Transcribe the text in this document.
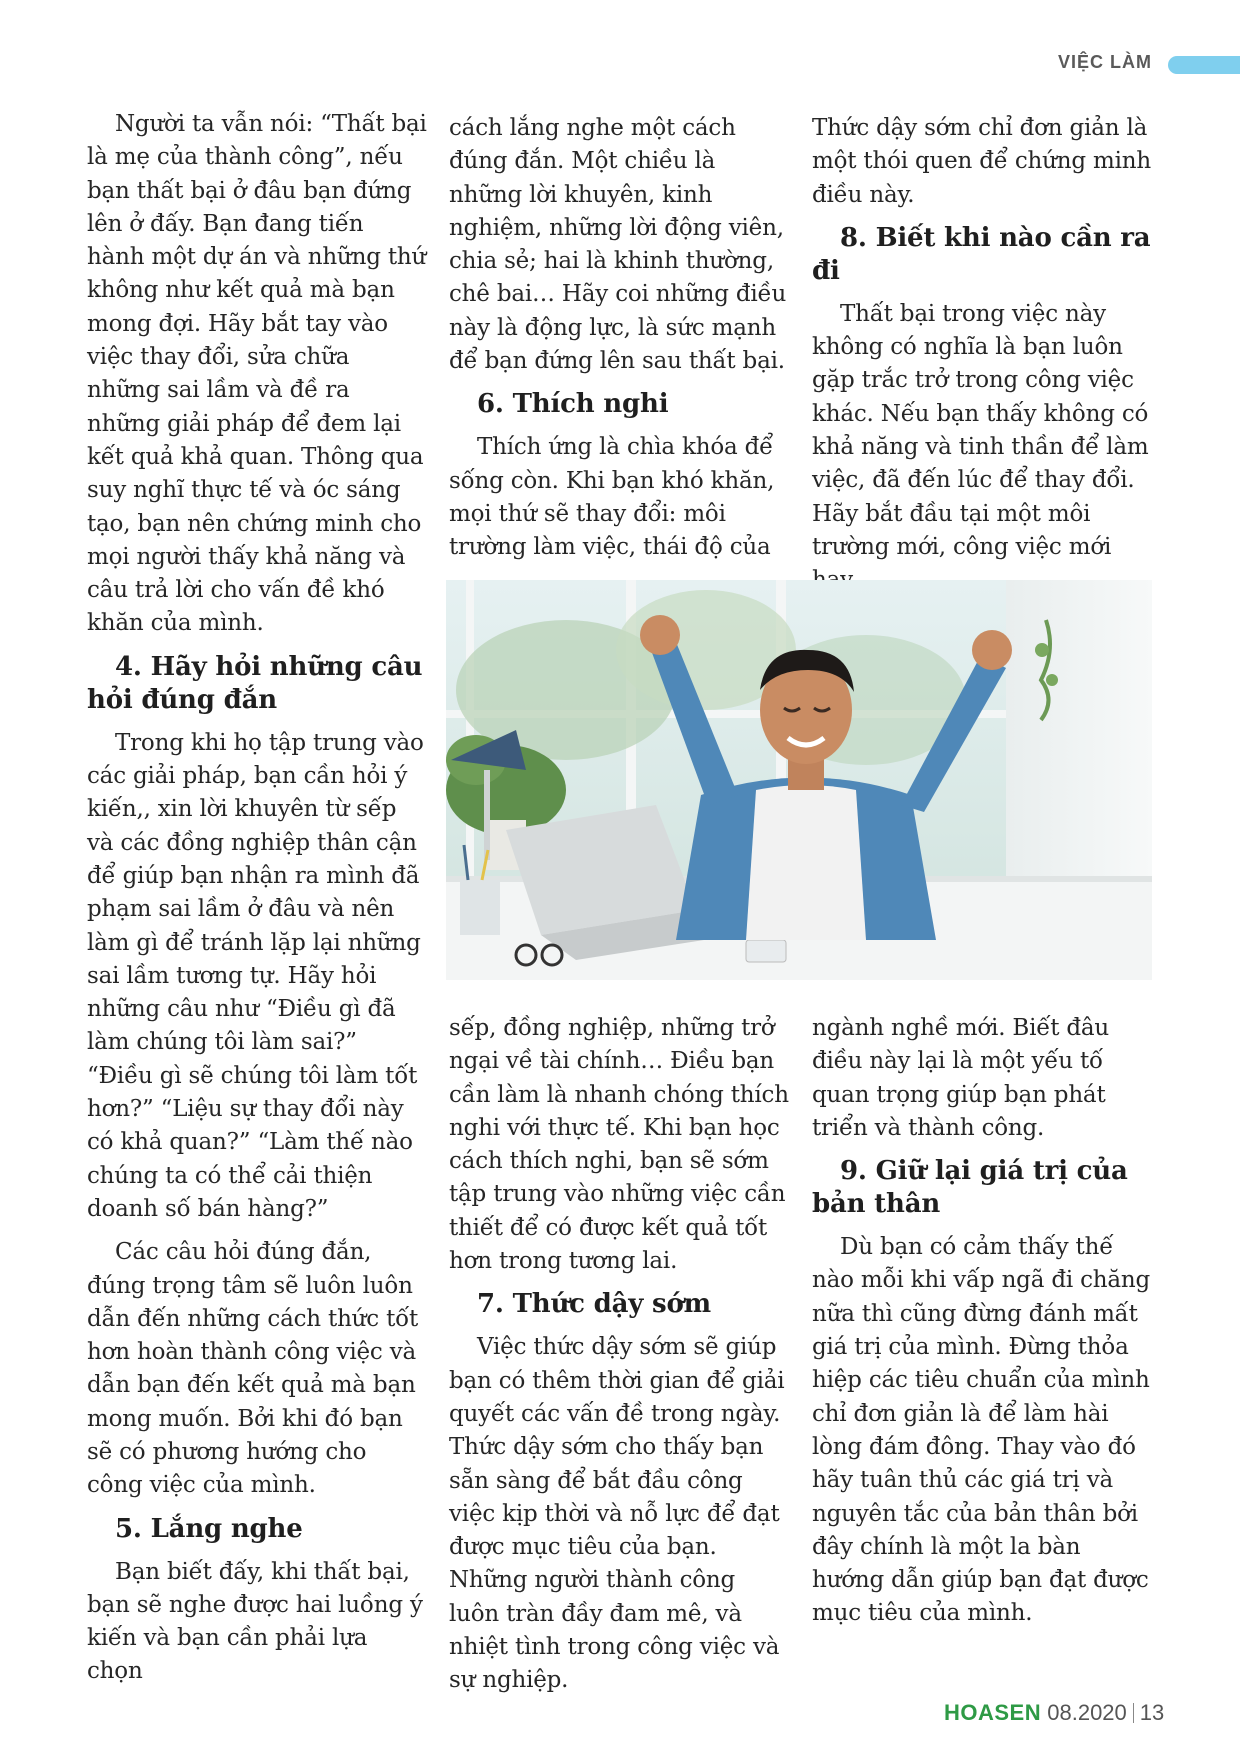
VIỆC LÀM

Người ta vẫn nói: “Thất bại là mẹ của thành công”, nếu bạn thất bại ở đâu bạn đứng lên ở đấy. Bạn đang tiến hành một dự án và những thứ không như kết quả mà bạn mong đợi. Hãy bắt tay vào việc thay đổi, sửa chữa những sai lầm và đề ra những giải pháp để đem lại kết quả khả quan. Thông qua suy nghĩ thực tế và óc sáng tạo, bạn nên chứng minh cho mọi người thấy khả năng và câu trả lời cho vấn đề khó khăn của mình.

4. Hãy hỏi những câu hỏi đúng đắn

Trong khi họ tập trung vào các giải pháp, bạn cần hỏi ý kiến,, xin lời khuyên từ sếp và các đồng nghiệp thân cận để giúp bạn nhận ra mình đã phạm sai lầm ở đâu và nên làm gì để tránh lặp lại những sai lầm tương tự. Hãy hỏi những câu như “Điều gì đã làm chúng tôi làm sai?” “Điều gì sẽ chúng tôi làm tốt hơn?” “Liệu sự thay đổi này có khả quan?” “Làm thế nào chúng ta có thể cải thiện doanh số bán hàng?”

Các câu hỏi đúng đắn, đúng trọng tâm sẽ luôn luôn dẫn đến những cách thức tốt hơn hoàn thành công việc và dẫn bạn đến kết quả mà bạn mong muốn. Bởi khi đó bạn sẽ có phương hướng cho công việc của mình.

5. Lắng nghe

Bạn biết đấy, khi thất bại, bạn sẽ nghe được hai luồng ý kiến và bạn cần phải lựa chọn

cách lắng nghe một cách đúng đắn. Một chiều là những lời khuyên, kinh nghiệm, những lời động viên, chia sẻ; hai là khinh thường, chê bai… Hãy coi những điều này là động lực, là sức mạnh để bạn đứng lên sau thất bại.

6. Thích nghi

Thích ứng là chìa khóa để sống còn. Khi bạn khó khăn, mọi thứ sẽ thay đổi: môi trường làm việc, thái độ của

Thức dậy sớm chỉ đơn giản là một thói quen để chứng minh điều này.

8. Biết khi nào cần ra đi

Thất bại trong việc này không có nghĩa là bạn luôn gặp trắc trở trong công việc khác. Nếu bạn thấy không có khả năng và tinh thần để làm việc, đã đến lúc để thay đổi. Hãy bắt đầu tại một môi trường mới, công việc mới

sếp, đồng nghiệp, những trở ngại về tài chính… Điều bạn cần làm là nhanh chóng thích nghi với thực tế. Khi bạn học cách thích nghi, bạn sẽ sớm tập trung vào những việc cần thiết để có được kết quả tốt hơn trong tương lai.

7. Thức dậy sớm

Việc thức dậy sớm sẽ giúp bạn có thêm thời gian để giải quyết các vấn đề trong ngày. Thức dậy sớm cho thấy bạn sẵn sàng để bắt đầu công việc kịp thời và nỗ lực để đạt được mục tiêu của bạn. Những người thành công luôn tràn đầy đam mê, và nhiệt tình trong công việc và sự nghiệp.

ngành nghề mới. Biết đâu điều này lại là một yếu tố quan trọng giúp bạn phát triển và thành công.

9. Giữ lại giá trị của bản thân

Dù bạn có cảm thấy thế nào mỗi khi vấp ngã đi chăng nữa thì cũng đừng đánh mất giá trị của mình. Đừng thỏa hiệp các tiêu chuẩn của mình chỉ đơn giản là để làm hài lòng đám đông. Thay vào đó hãy tuân thủ các giá trị và nguyên tắc của bản thân bởi đây chính là một la bàn hướng dẫn giúp bạn đạt được mục tiêu của mình.

HOASEN 08.2020 13
